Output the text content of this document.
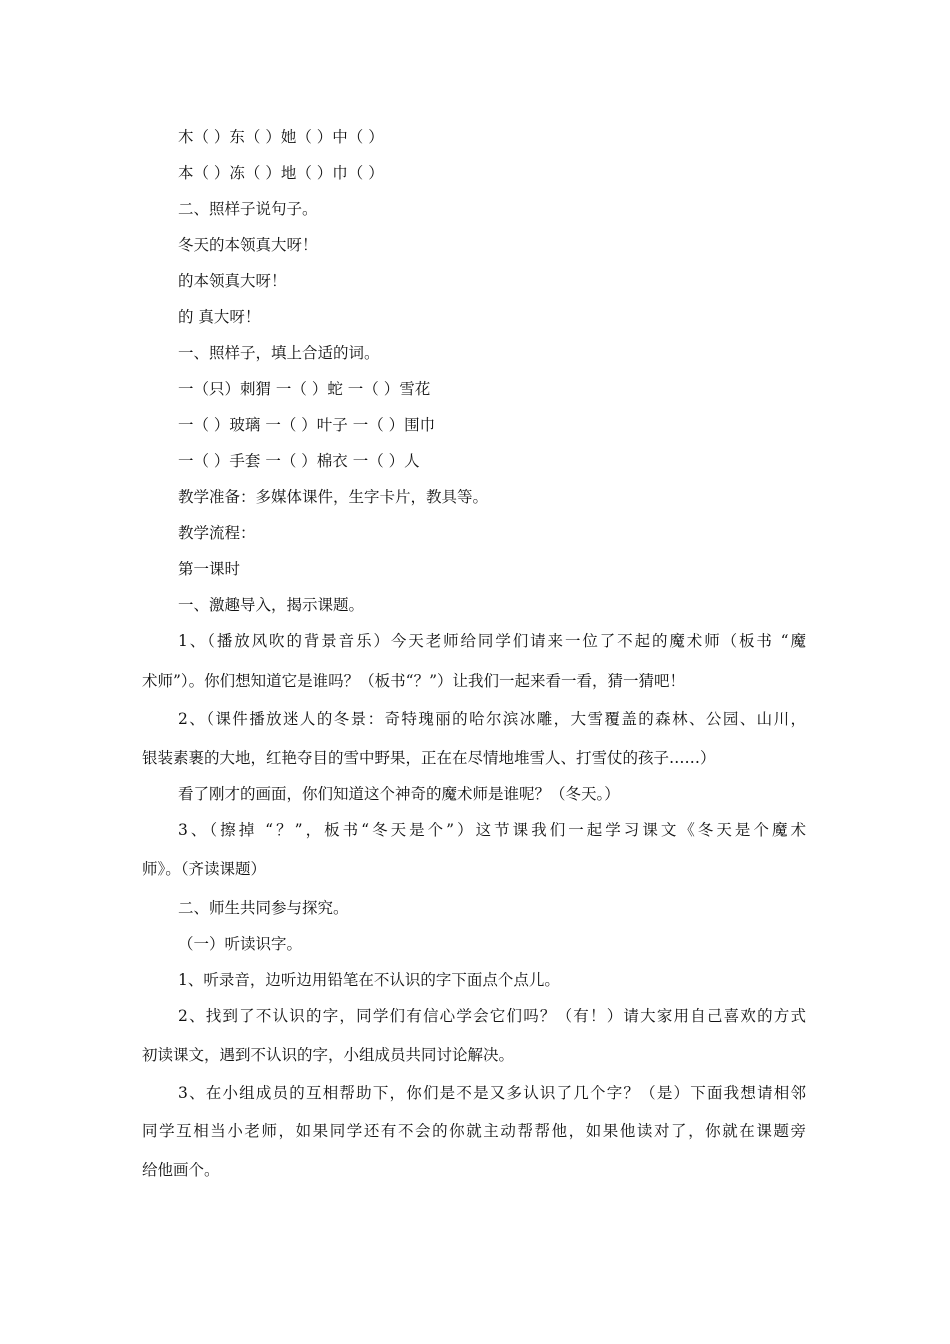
木（ ）东（ ）她（ ）中（ ）
本（ ）冻（ ）地（ ）巾（ ）
二、照样子说句子。
冬天的本领真大呀！
的本领真大呀！
的 真大呀！
一、照样子，填上合适的词。
一（只）刺猬 一（ ）蛇 一（ ）雪花
一（ ）玻璃 一（ ）叶子 一（ ）围巾
一（ ）手套 一（ ）棉衣 一（ ）人
教学准备：多媒体课件，生字卡片，教具等。
教学流程：
第一课时
一、激趣导入，揭示课题。
1、（播放风吹的背景音乐）今天老师给同学们请来一位了不起的魔术师（板书 “魔
术师”）。你们想知道它是谁吗？（板书“？”）让我们一起来看一看，猜一猜吧！
2、（课件播放迷人的冬景：奇特瑰丽的哈尔滨冰雕，大雪覆盖的森林、公园、山川，
银装素裹的大地，红艳夺目的雪中野果，正在在尽情地堆雪人、打雪仗的孩子……）
看了刚才的画面，你们知道这个神奇的魔术师是谁呢？（冬天。）
3、（擦掉 “？”，板书“冬天是个”）这节课我们一起学习课文《冬天是个魔术
师》。（齐读课题）
二、师生共同参与探究。
（一）听读识字。
1、听录音，边听边用铅笔在不认识的字下面点个点儿。
2、找到了不认识的字，同学们有信心学会它们吗？（有！）请大家用自己喜欢的方式
初读课文，遇到不认识的字，小组成员共同讨论解决。
3、在小组成员的互相帮助下，你们是不是又多认识了几个字？（是）下面我想请相邻
同学互相当小老师，如果同学还有不会的你就主动帮帮他，如果他读对了，你就在课题旁
给他画个。
